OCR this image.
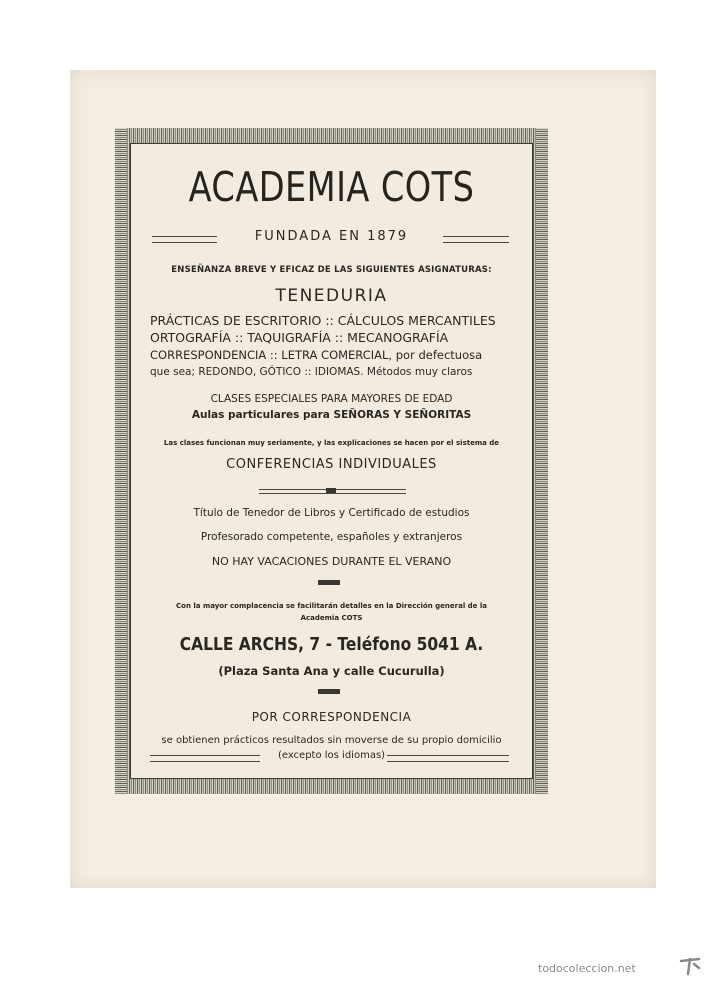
ACADEMIA COTS
FUNDADA EN 1879
ENSEÑANZA BREVE Y EFICAZ DE LAS SIGUIENTES ASIGNATURAS:
TENEDURIA
PRÁCTICAS DE ESCRITORIO :: CÁLCULOS MERCANTILES
ORTOGRAFÍA :: TAQUIGRAFÍA :: MECANOGRAFÍA
CORRESPONDENCIA :: LETRA COMERCIAL, por defectuosa
que sea; REDONDO, GÓTICO :: IDIOMAS. Métodos muy claros
CLASES ESPECIALES PARA MAYORES DE EDAD
Aulas particulares para SEÑORAS Y SEÑORITAS
Las clases funcionan muy seriamente, y las explicaciones se hacen por el sistema de
CONFERENCIAS INDIVIDUALES
Título de Tenedor de Libros y Certificado de estudios
Profesorado competente, españoles y extranjeros
NO HAY VACACIONES DURANTE EL VERANO
Con la mayor complacencia se facilitarán detalles en la Dirección general de la
Academia COTS
CALLE ARCHS, 7 - Teléfono 5041 A.
(Plaza Santa Ana y calle Cucurulla)
POR CORRESPONDENCIA
se obtienen prácticos resultados sin moverse de su propio domicilio
(excepto los idiomas)
todocoleccion.net
